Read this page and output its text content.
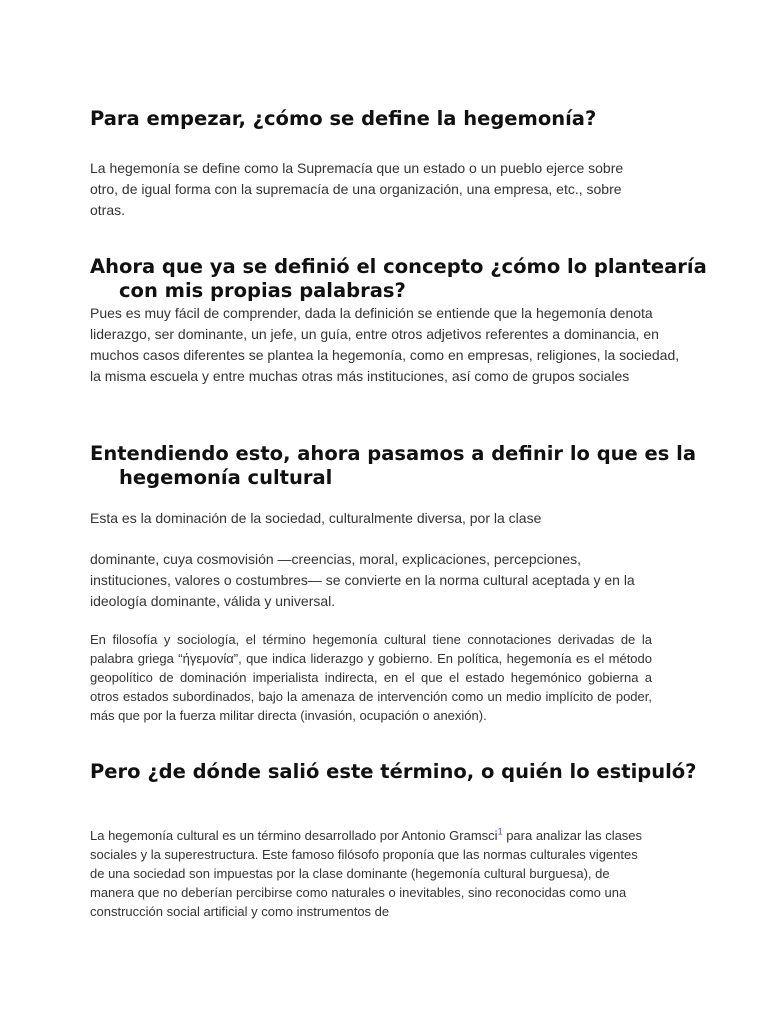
Para empezar, ¿cómo se define la hegemonía?

La hegemonía se define como la Supremacía que un estado o un pueblo ejerce sobre otro, de igual forma con la supremacía de una organización, una empresa, etc., sobre otras.

Ahora que ya se definió el concepto ¿cómo lo plantearía con mis propias palabras?

Pues es muy fácil de comprender, dada la definición se entiende que la hegemonía denota liderazgo, ser dominante, un jefe, un guía, entre otros adjetivos referentes a dominancia, en muchos casos diferentes se plantea la hegemonía, como en empresas, religiones, la sociedad, la misma escuela y entre muchas otras más instituciones, así como de grupos sociales

Entendiendo esto, ahora pasamos a definir lo que es la hegemonía cultural

Esta es la dominación de la sociedad, culturalmente diversa, por la clase

dominante, cuya cosmovisión —creencias, moral, explicaciones, percepciones, instituciones, valores o costumbres— se convierte en la norma cultural aceptada y en la ideología dominante, válida y universal.

En filosofía y sociología, el término hegemonía cultural tiene connotaciones derivadas de la palabra griega “ήγεμονία”, que indica liderazgo y gobierno. En política, hegemonía es el método geopolítico de dominación imperialista indirecta, en el que el estado hegemónico gobierna a otros estados subordinados, bajo la amenaza de intervención como un medio implícito de poder, más que por la fuerza militar directa (invasión, ocupación o anexión).

Pero ¿de dónde salió este término, o quién lo estipuló?

La hegemonía cultural es un término desarrollado por Antonio Gramsci$^1$ para analizar las clases sociales y la superestructura. Este famoso filósofo proponía que las normas culturales vigentes de una sociedad son impuestas por la clase dominante (hegemonía cultural burguesa), de manera que no deberían percibirse como naturales o inevitables, sino reconocidas como una construcción social artificial y como instrumentos de
